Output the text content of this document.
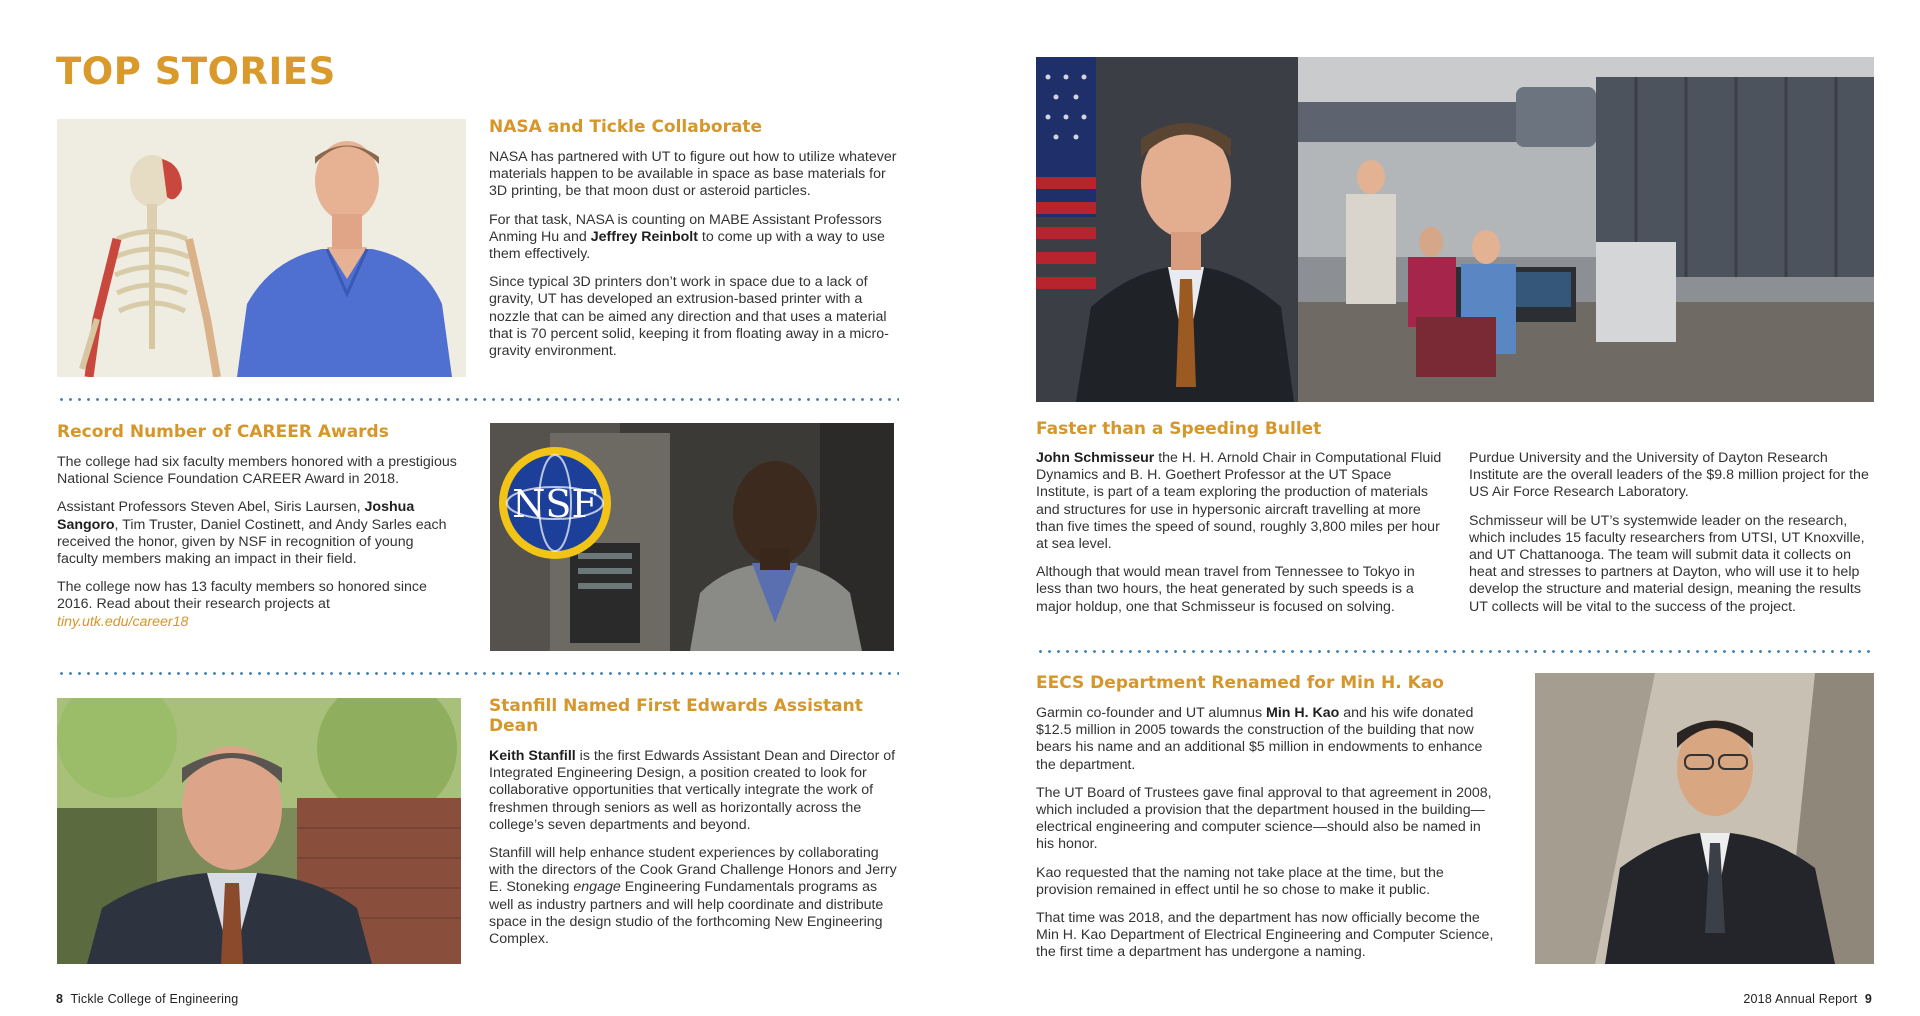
TOP STORIES
NASA and Tickle Collaborate

NASA has partnered with UT to figure out how to utilize whatever materials happen to be available in space as base materials for 3D printing, be that moon dust or asteroid particles.

For that task, NASA is counting on MABE Assistant Professors Anming Hu and Jeffrey Reinbolt to come up with a way to use them effectively.

Since typical 3D printers don’t work in space due to a lack of gravity, UT has developed an extrusion-based printer with a nozzle that can be aimed any direction and that uses a material that is 70 percent solid, keeping it from floating away in a micro-gravity environment.

Record Number of CAREER Awards

The college had six faculty members honored with a prestigious National Science Foundation CAREER Award in 2018.

Assistant Professors Steven Abel, Siris Laursen, Joshua Sangoro, Tim Truster, Daniel Costinett, and Andy Sarles each received the honor, given by NSF in recognition of young faculty members making an impact in their field.

The college now has 13 faculty members so honored since 2016. Read about their research projects at
tiny.utk.edu/career18

NSF
Stanfill Named First Edwards Assistant Dean

Keith Stanfill is the first Edwards Assistant Dean and Director of Integrated Engineering Design, a position created to look for collaborative opportunities that vertically integrate the work of freshmen through seniors as well as horizontally across the college’s seven departments and beyond.

Stanfill will help enhance student experiences by collaborating with the directors of the Cook Grand Challenge Honors and Jerry E. Stoneking engage Engineering Fundamentals programs as well as industry partners and will help coordinate and distribute space in the design studio of the forthcoming New Engineering Complex.

Faster than a Speeding Bullet

John Schmisseur the H. H. Arnold Chair in Computational Fluid Dynamics and B. H. Goethert Professor at the UT Space Institute, is part of a team exploring the production of materials and structures for use in hypersonic aircraft travelling at more than five times the speed of sound, roughly 3,800 miles per hour at sea level.

Although that would mean travel from Tennessee to Tokyo in less than two hours, the heat generated by such speeds is a major holdup, one that Schmisseur is focused on solving.

Purdue University and the University of Dayton Research Institute are the overall leaders of the $9.8 million project for the US Air Force Research Laboratory.

Schmisseur will be UT’s systemwide leader on the research, which includes 15 faculty researchers from UTSI, UT Knoxville, and UT Chattanooga. The team will submit data it collects on heat and stresses to partners at Dayton, who will use it to help develop the structure and material design, meaning the results UT collects will be vital to the success of the project.

EECS Department Renamed for Min H. Kao

Garmin co-founder and UT alumnus Min H. Kao and his wife donated $12.5 million in 2005 towards the construction of the building that now bears his name and an additional $5 million in endowments to enhance the department.

The UT Board of Trustees gave final approval to that agreement in 2008, which included a provision that the department housed in the building—electrical engineering and computer science—should also be named in his honor.

Kao requested that the naming not take place at the time, but the provision remained in effect until he so chose to make it public.

That time was 2018, and the department has now officially become the Min H. Kao Department of Electrical Engineering and Computer Science, the first time a department has undergone a naming.

8 Tickle College of Engineering	2018 Annual Report 9
